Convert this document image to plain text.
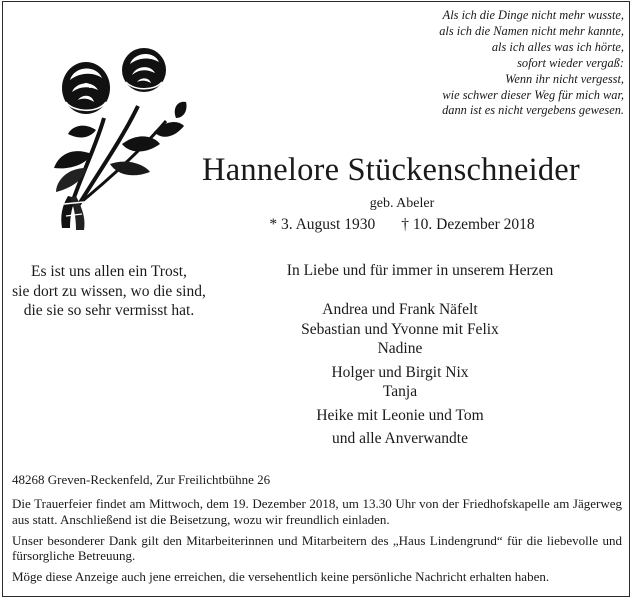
Als ich die Dinge nicht mehr wusste,
als ich die Namen nicht mehr kannte,
als ich alles was ich hörte,
sofort wieder vergaß:
Wenn ihr nicht vergesst,
wie schwer dieser Weg für mich war,
dann ist es nicht vergebens gewesen.
Hannelore Stückenschneider
geb. Abeler
* 3. August 1930 † 10. Dezember 2018
Es ist uns allen ein Trost,
sie dort zu wissen, wo die sind,
die sie so sehr vermisst hat.
In Liebe und für immer in unserem Herzen
Andrea und Frank Näfelt
Sebastian und Yvonne mit Felix
Nadine
Holger und Birgit Nix
Tanja
Heike mit Leonie und Tom
und alle Anverwandte
48268 Greven-Reckenfeld, Zur Freilichtbühne 26

Die Trauerfeier findet am Mittwoch, dem 19. Dezember 2018, um 13.30 Uhr von der Friedhofskapelle am Jägerweg aus statt. Anschließend ist die Beisetzung, wozu wir freundlich einladen.

Unser besonderer Dank gilt den Mitarbeiterinnen und Mitarbeitern des „Haus Lindengrund“ für die liebevolle und fürsorgliche Betreuung.

Möge diese Anzeige auch jene erreichen, die versehentlich keine persönliche Nachricht erhalten haben.
